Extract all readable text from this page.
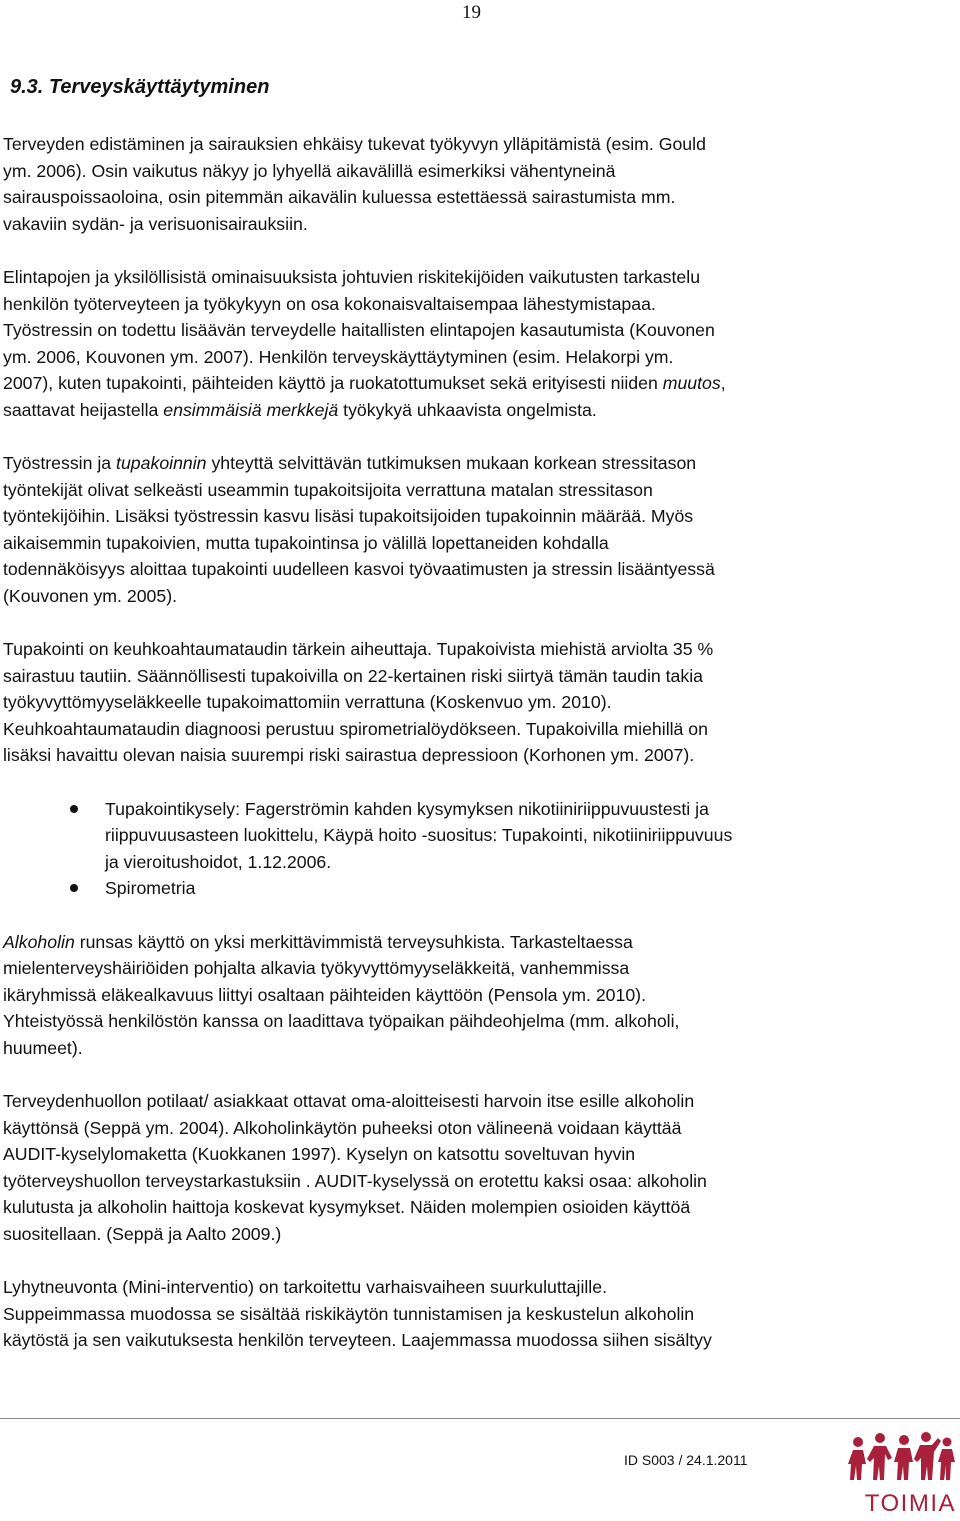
19
9.3. Terveyskäyttäytyminen

Terveyden edistäminen ja sairauksien ehkäisy tukevat työkyvyn ylläpitämistä (esim. Gould
ym. 2006). Osin vaikutus näkyy jo lyhyellä aikavälillä esimerkiksi vähentyneinä
sairauspoissaoloina, osin pitemmän aikavälin kuluessa estettäessä sairastumista mm.
vakaviin sydän- ja verisuonisairauksiin.

Elintapojen ja yksilöllisistä ominaisuuksista johtuvien riskitekijöiden vaikutusten tarkastelu
henkilön työterveyteen ja työkykyyn on osa kokonaisvaltaisempaa lähestymistapaa.
Työstressin on todettu lisäävän terveydelle haitallisten elintapojen kasautumista (Kouvonen
ym. 2006, Kouvonen ym. 2007). Henkilön terveyskäyttäytyminen (esim. Helakorpi ym.
2007), kuten tupakointi, päihteiden käyttö ja ruokatottumukset sekä erityisesti niiden muutos,
saattavat heijastella ensimmäisiä merkkejä työkykyä uhkaavista ongelmista.

Työstressin ja tupakoinnin yhteyttä selvittävän tutkimuksen mukaan korkean stressitason
työntekijät olivat selkeästi useammin tupakoitsijoita verrattuna matalan stressitason
työntekijöihin. Lisäksi työstressin kasvu lisäsi tupakoitsijoiden tupakoinnin määrää. Myös
aikaisemmin tupakoivien, mutta tupakointinsa jo välillä lopettaneiden kohdalla
todennäköisyys aloittaa tupakointi uudelleen kasvoi työvaatimusten ja stressin lisääntyessä
(Kouvonen ym. 2005).

Tupakointi on keuhkoahtaumataudin tärkein aiheuttaja. Tupakoivista miehistä arviolta 35 %
sairastuu tautiin. Säännöllisesti tupakoivilla on 22-kertainen riski siirtyä tämän taudin takia
työkyvyttömyyseläkkeelle tupakoimattomiin verrattuna (Koskenvuo ym. 2010).
Keuhkoahtaumataudin diagnoosi perustuu spirometrialöydökseen. Tupakoivilla miehillä on
lisäksi havaittu olevan naisia suurempi riski sairastua depressioon (Korhonen ym. 2007).

Tupakointikysely: Fagerströmin kahden kysymyksen nikotiiniriippuvuustesti ja
riippuvuusasteen luokittelu, Käypä hoito -suositus: Tupakointi, nikotiiniriippuvuus
ja vieroitushoidot, 1.12.2006.
Spirometria

Alkoholin runsas käyttö on yksi merkittävimmistä terveysuhkista. Tarkasteltaessa
mielenterveyshäiriöiden pohjalta alkavia työkyvyttömyyseläkkeitä, vanhemmissa
ikäryhmissä eläkealkavuus liittyi osaltaan päihteiden käyttöön (Pensola ym. 2010).
Yhteistyössä henkilöstön kanssa on laadittava työpaikan päihdeohjelma (mm. alkoholi,
huumeet).

Terveydenhuollon potilaat/ asiakkaat ottavat oma-aloitteisesti harvoin itse esille alkoholin
käyttönsä (Seppä ym. 2004). Alkoholinkäytön puheeksi oton välineenä voidaan käyttää
AUDIT-kyselylomaketta (Kuokkanen 1997). Kyselyn on katsottu soveltuvan hyvin
työterveyshuollon terveystarkastuksiin . AUDIT-kyselyssä on erotettu kaksi osaa: alkoholin
kulutusta ja alkoholin haittoja koskevat kysymykset. Näiden molempien osioiden käyttöä
suositellaan. (Seppä ja Aalto 2009.)

Lyhytneuvonta (Mini-interventio) on tarkoitettu varhaisvaiheen suurkuluttajille.
Suppeimmassa muodossa se sisältää riskikäytön tunnistamisen ja keskustelun alkoholin
käytöstä ja sen vaikutuksesta henkilön terveyteen. Laajemmassa muodossa siihen sisältyy

ID S003 / 24.1.2011
TOIMIA
